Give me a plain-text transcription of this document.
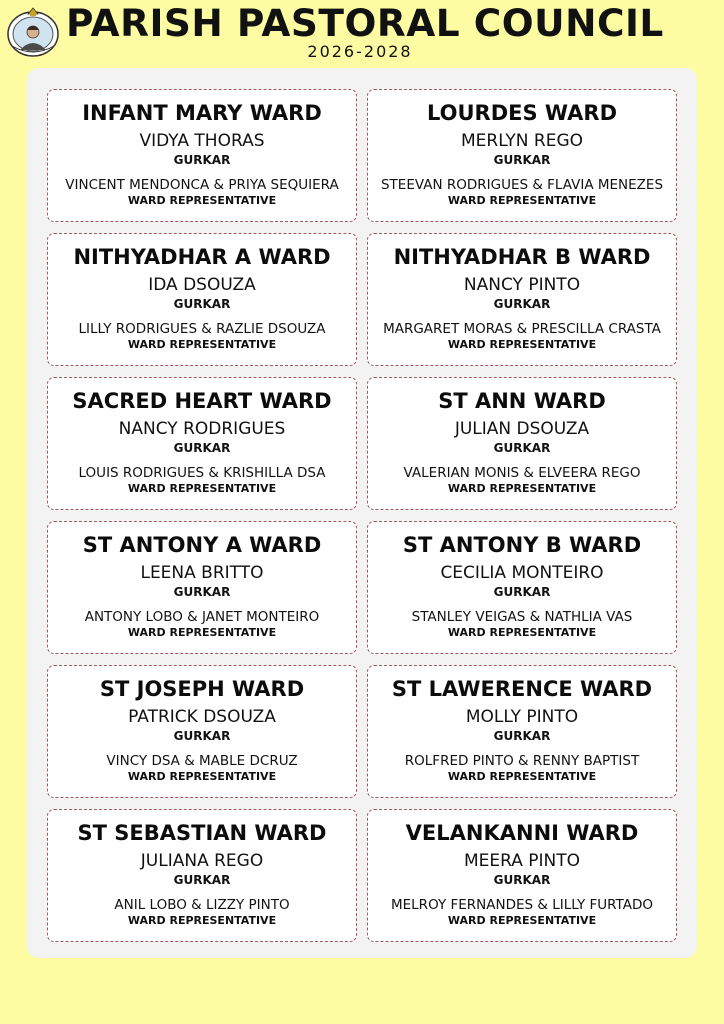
PARISH PASTORAL COUNCIL
2026-2028
INFANT MARY WARD
VIDYA THORAS
GURKAR
VINCENT MENDONCA & PRIYA SEQUIERA
WARD REPRESENTATIVE
LOURDES WARD
MERLYN REGO
GURKAR
STEEVAN RODRIGUES & FLAVIA MENEZES
WARD REPRESENTATIVE
NITHYADHAR A WARD
IDA DSOUZA
GURKAR
LILLY RODRIGUES & RAZLIE DSOUZA
WARD REPRESENTATIVE
NITHYADHAR B WARD
NANCY PINTO
GURKAR
MARGARET MORAS & PRESCILLA CRASTA
WARD REPRESENTATIVE
SACRED HEART WARD
NANCY RODRIGUES
GURKAR
LOUIS RODRIGUES & KRISHILLA DSA
WARD REPRESENTATIVE
ST ANN WARD
JULIAN DSOUZA
GURKAR
VALERIAN MONIS & ELVEERA REGO
WARD REPRESENTATIVE
ST ANTONY A WARD
LEENA BRITTO
GURKAR
ANTONY LOBO & JANET MONTEIRO
WARD REPRESENTATIVE
ST ANTONY B WARD
CECILIA MONTEIRO
GURKAR
STANLEY VEIGAS & NATHLIA VAS
WARD REPRESENTATIVE
ST JOSEPH WARD
PATRICK DSOUZA
GURKAR
VINCY DSA & MABLE DCRUZ
WARD REPRESENTATIVE
ST LAWERENCE WARD
MOLLY PINTO
GURKAR
ROLFRED PINTO & RENNY BAPTIST
WARD REPRESENTATIVE
ST SEBASTIAN WARD
JULIANA REGO
GURKAR
ANIL LOBO & LIZZY PINTO
WARD REPRESENTATIVE
VELANKANNI WARD
MEERA PINTO
GURKAR
MELROY FERNANDES & LILLY FURTADO
WARD REPRESENTATIVE
